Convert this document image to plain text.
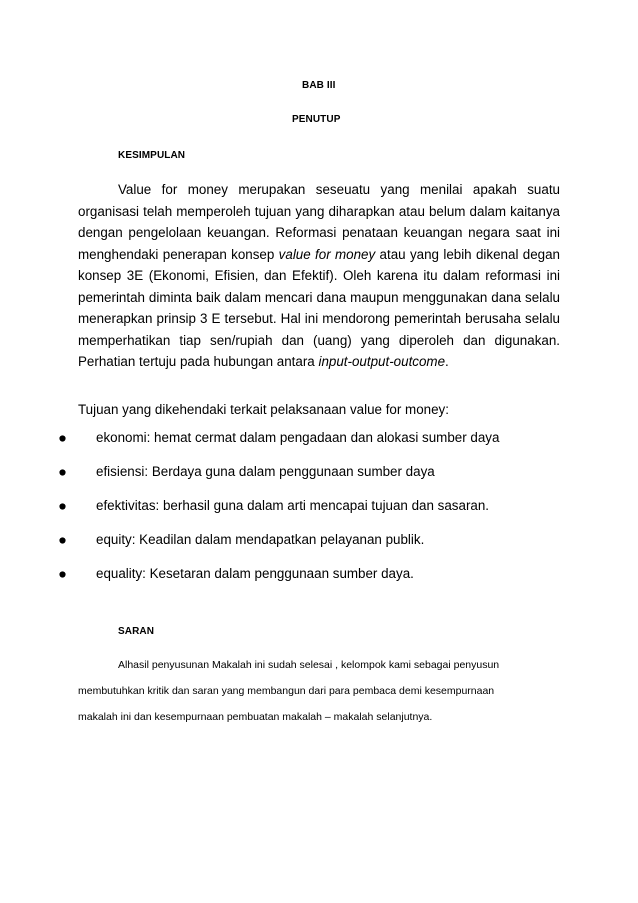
BAB III
PENUTUP
KESIMPULAN
Value for money merupakan seseuatu yang menilai apakah suatu organisasi telah memperoleh tujuan yang diharapkan atau belum dalam kaitanya dengan pengelolaan keuangan. Reformasi penataan keuangan negara saat ini menghendaki penerapan konsep value for money atau yang lebih dikenal degan konsep 3E (Ekonomi, Efisien, dan Efektif). Oleh karena itu dalam reformasi ini pemerintah diminta baik dalam mencari dana maupun menggunakan dana selalu menerapkan prinsip 3 E tersebut. Hal ini mendorong pemerintah berusaha selalu memperhatikan tiap sen/rupiah dan (uang) yang diperoleh dan digunakan. Perhatian tertuju pada hubungan antara input-output-outcome.
Tujuan yang dikehendaki terkait pelaksanaan value for money:
ekonomi: hemat cermat dalam pengadaan dan alokasi sumber daya
efisiensi: Berdaya guna dalam penggunaan sumber daya
efektivitas: berhasil guna dalam arti mencapai tujuan dan sasaran.
equity: Keadilan dalam mendapatkan pelayanan publik.
equality: Kesetaran dalam penggunaan sumber daya.
SARAN
Alhasil penyusunan Makalah ini sudah selesai , kelompok kami sebagai penyusun
membutuhkan kritik dan saran yang membangun dari para pembaca demi kesempurnaan
makalah ini dan kesempurnaan pembuatan makalah – makalah selanjutnya.
